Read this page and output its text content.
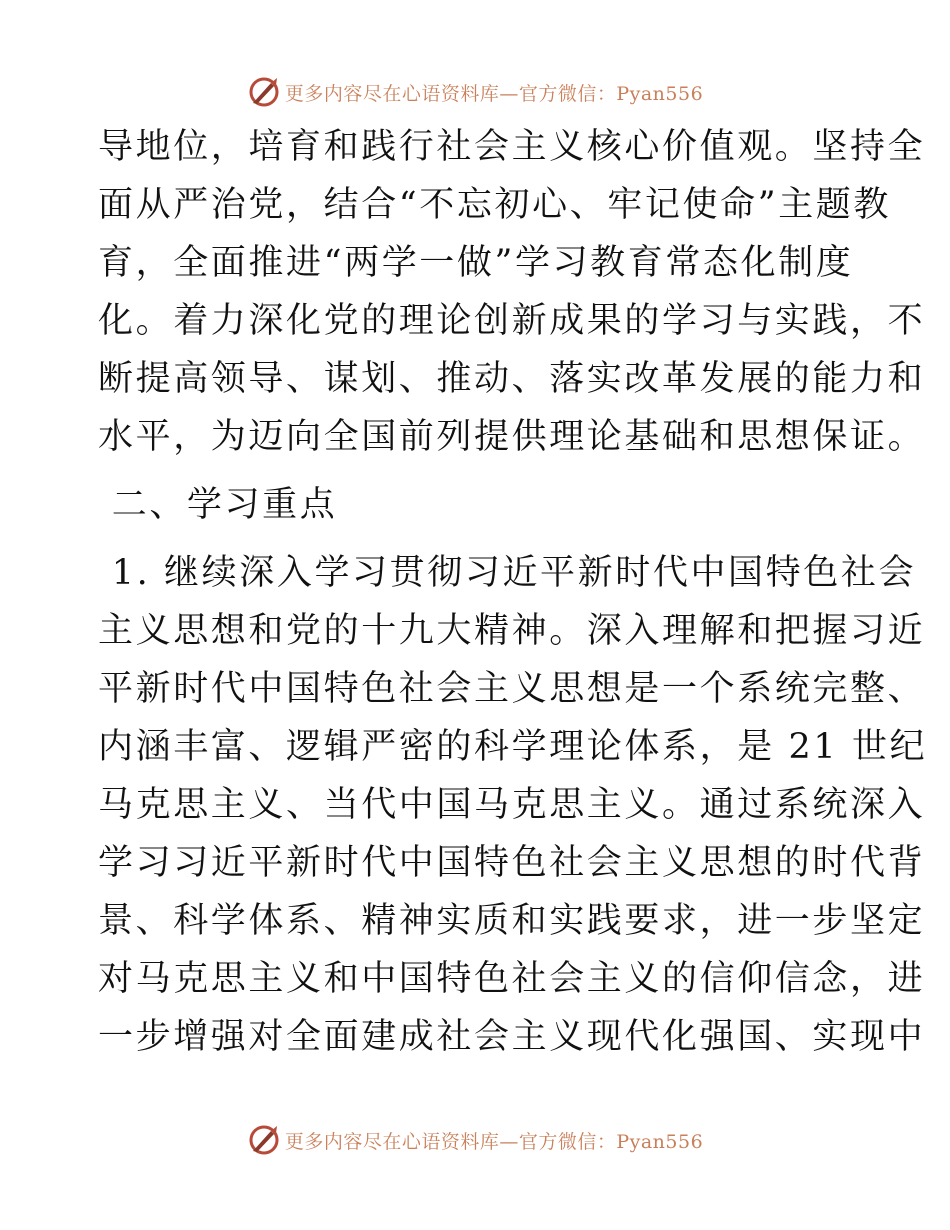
更多内容尽在心语资料库—官方微信：Pyan556
导地位，培育和践行社会主义核心价值观。坚持全
面从严治党，结合“不忘初心、牢记使命”主题教
育，全面推进“两学一做”学习教育常态化制度
化。着力深化党的理论创新成果的学习与实践，不
断提高领导、谋划、推动、落实改革发展的能力和
水平，为迈向全国前列提供理论基础和思想保证。
二、学习重点
1. 继续深入学习贯彻习近平新时代中国特色社会
主义思想和党的十九大精神。深入理解和把握习近
平新时代中国特色社会主义思想是一个系统完整、
内涵丰富、逻辑严密的科学理论体系，是 21 世纪
马克思主义、当代中国马克思主义。通过系统深入
学习习近平新时代中国特色社会主义思想的时代背
景、科学体系、精神实质和实践要求，进一步坚定
对马克思主义和中国特色社会主义的信仰信念，进
一步增强对全面建成社会主义现代化强国、实现中
更多内容尽在心语资料库—官方微信：Pyan556
